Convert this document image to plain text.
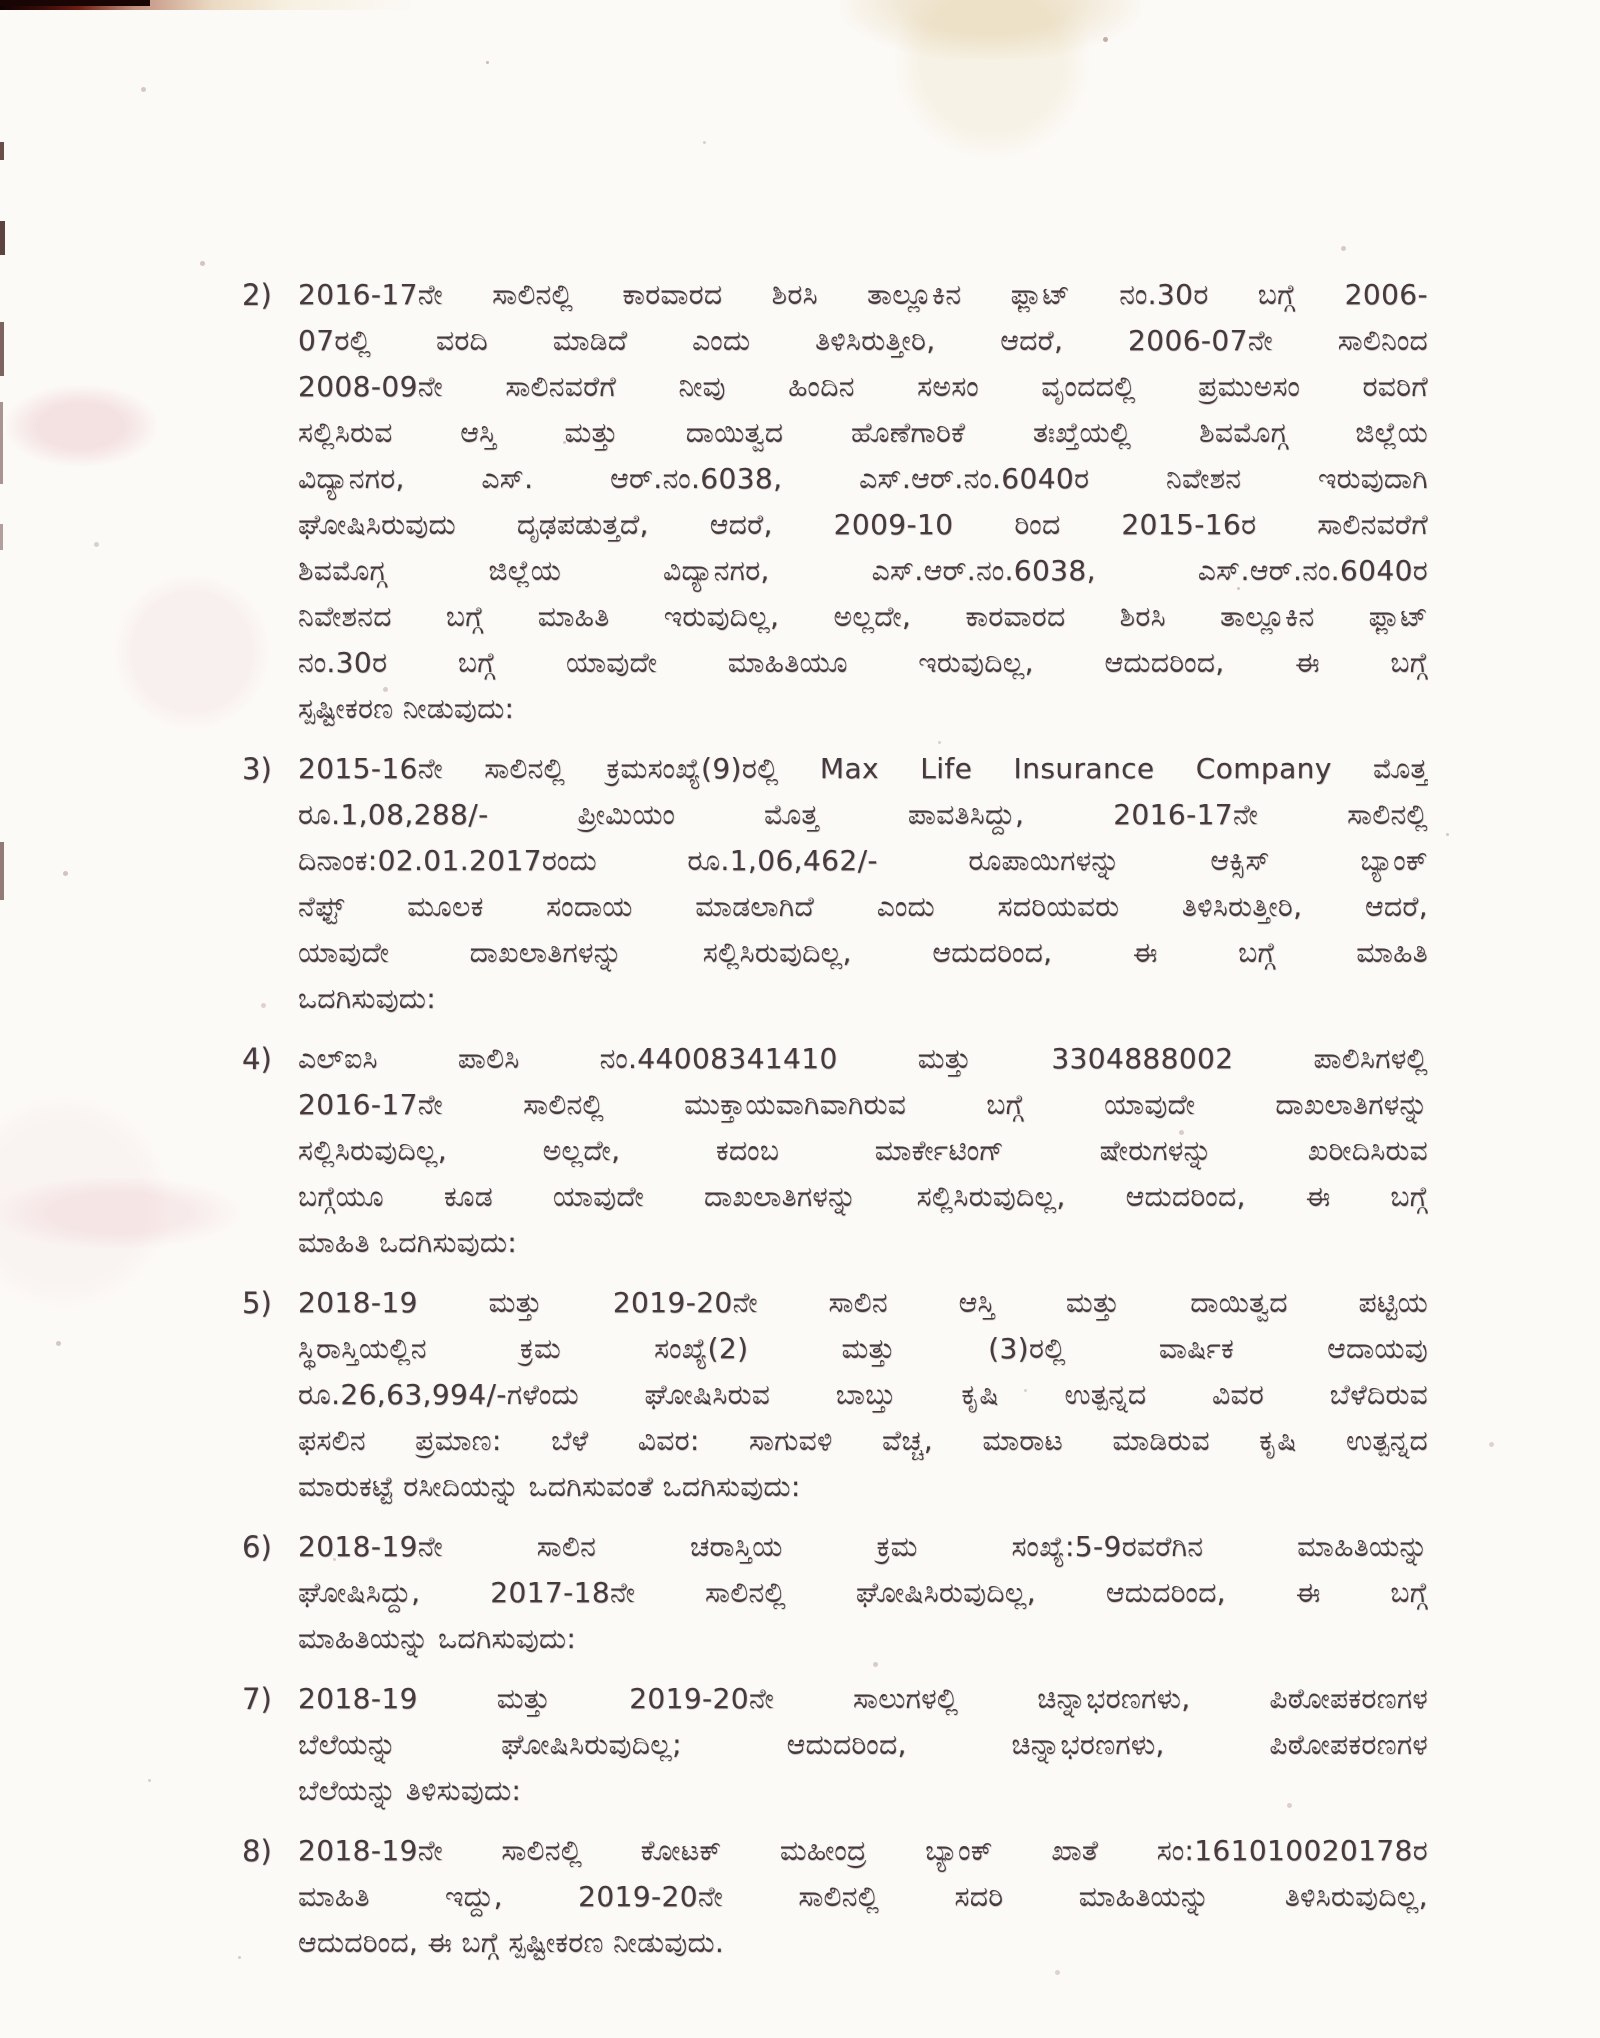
2) 2016-17ನೇ ಸಾಲಿನಲ್ಲಿ ಕಾರವಾರದ ಶಿರಸಿ ತಾಲ್ಲೂಕಿನ ಫ್ಲಾಟ್ ನಂ.30ರ ಬಗ್ಗೆ 2006-
07ರಲ್ಲಿ ವರದಿ ಮಾಡಿದೆ ಎಂದು ತಿಳಿಸಿರುತ್ತೀರಿ, ಆದರೆ, 2006-07ನೇ ಸಾಲಿನಿಂದ
2008-09ನೇ ಸಾಲಿನವರೆಗೆ ನೀವು ಹಿಂದಿನ ಸಅಸಂ ವೃಂದದಲ್ಲಿ ಪ್ರಮುಅಸಂ ರವರಿಗೆ
ಸಲ್ಲಿಸಿರುವ ಆಸ್ತಿ ಮತ್ತು ದಾಯಿತ್ವದ ಹೊಣೆಗಾರಿಕೆ ತಃಖ್ತೆಯಲ್ಲಿ ಶಿವಮೊಗ್ಗ ಜಿಲ್ಲೆಯ
ವಿದ್ಯಾನಗರ, ಎಸ್. ಆರ್.ನಂ.6038, ಎಸ್.ಆರ್.ನಂ.6040ರ ನಿವೇಶನ ಇರುವುದಾಗಿ
ಘೋಷಿಸಿರುವುದು ದೃಢಪಡುತ್ತದೆ, ಆದರೆ, 2009-10 ರಿಂದ 2015-16ರ ಸಾಲಿನವರೆಗೆ
ಶಿವಮೊಗ್ಗ ಜಿಲ್ಲೆಯ ವಿದ್ಯಾನಗರ, ಎಸ್.ಆರ್.ನಂ.6038, ಎಸ್.ಆರ್.ನಂ.6040ರ
ನಿವೇಶನದ ಬಗ್ಗೆ ಮಾಹಿತಿ ಇರುವುದಿಲ್ಲ, ಅಲ್ಲದೇ, ಕಾರವಾರದ ಶಿರಸಿ ತಾಲ್ಲೂಕಿನ ಫ್ಲಾಟ್
ನಂ.30ರ ಬಗ್ಗೆ ಯಾವುದೇ ಮಾಹಿತಿಯೂ ಇರುವುದಿಲ್ಲ, ಆದುದರಿಂದ, ಈ ಬಗ್ಗೆ
ಸ್ಪಷ್ಟೀಕರಣ ನೀಡುವುದು:
3) 2015-16ನೇ ಸಾಲಿನಲ್ಲಿ ಕ್ರಮಸಂಖ್ಯೆ(9)ರಲ್ಲಿ Max Life Insurance Company ಮೊತ್ತ
ರೂ.1,08,288/- ಪ್ರೀಮಿಯಂ ಮೊತ್ತ ಪಾವತಿಸಿದ್ದು, 2016-17ನೇ ಸಾಲಿನಲ್ಲಿ
ದಿನಾಂಕ:02.01.2017ರಂದು ರೂ.1,06,462/- ರೂಪಾಯಿಗಳನ್ನು ಆಕ್ಸಿಸ್ ಬ್ಯಾಂಕ್
ನೆಫ್ಟ್ ಮೂಲಕ ಸಂದಾಯ ಮಾಡಲಾಗಿದೆ ಎಂದು ಸದರಿಯವರು ತಿಳಿಸಿರುತ್ತೀರಿ, ಆದರೆ,
ಯಾವುದೇ ದಾಖಲಾತಿಗಳನ್ನು ಸಲ್ಲಿಸಿರುವುದಿಲ್ಲ, ಆದುದರಿಂದ, ಈ ಬಗ್ಗೆ ಮಾಹಿತಿ
ಒದಗಿಸುವುದು:
4) ಎಲ್ಐಸಿ ಪಾಲಿಸಿ ನಂ.44008341410 ಮತ್ತು 3304888002 ಪಾಲಿಸಿಗಳಲ್ಲಿ
2016-17ನೇ ಸಾಲಿನಲ್ಲಿ ಮುಕ್ತಾಯವಾಗಿವಾಗಿರುವ ಬಗ್ಗೆ ಯಾವುದೇ ದಾಖಲಾತಿಗಳನ್ನು
ಸಲ್ಲಿಸಿರುವುದಿಲ್ಲ, ಅಲ್ಲದೇ, ಕದಂಬ ಮಾರ್ಕೇಟಿಂಗ್ ಷೇರುಗಳನ್ನು ಖರೀದಿಸಿರುವ
ಬಗ್ಗೆಯೂ ಕೂಡ ಯಾವುದೇ ದಾಖಲಾತಿಗಳನ್ನು ಸಲ್ಲಿಸಿರುವುದಿಲ್ಲ, ಆದುದರಿಂದ, ಈ ಬಗ್ಗೆ
ಮಾಹಿತಿ ಒದಗಿಸುವುದು:
5) 2018-19 ಮತ್ತು 2019-20ನೇ ಸಾಲಿನ ಆಸ್ತಿ ಮತ್ತು ದಾಯಿತ್ವದ ಪಟ್ಟಿಯ
ಸ್ಥಿರಾಸ್ತಿಯಲ್ಲಿನ ಕ್ರಮ ಸಂಖ್ಯೆ(2) ಮತ್ತು (3)ರಲ್ಲಿ ವಾರ್ಷಿಕ ಆದಾಯವು
ರೂ.26,63,994/-ಗಳೆಂದು ಘೋಷಿಸಿರುವ ಬಾಬ್ತು ಕೃಷಿ ಉತ್ಪನ್ನದ ವಿವರ ಬೆಳೆದಿರುವ
ಫಸಲಿನ ಪ್ರಮಾಣ: ಬೆಳೆ ವಿವರ: ಸಾಗುವಳಿ ವೆಚ್ಚ, ಮಾರಾಟ ಮಾಡಿರುವ ಕೃಷಿ ಉತ್ಪನ್ನದ
ಮಾರುಕಟ್ಟೆ ರಸೀದಿಯನ್ನು ಒದಗಿಸುವಂತೆ ಒದಗಿಸುವುದು:
6) 2018-19ನೇ ಸಾಲಿನ ಚರಾಸ್ತಿಯ ಕ್ರಮ ಸಂಖ್ಯೆ:5-9ರವರೆಗಿನ ಮಾಹಿತಿಯನ್ನು
ಘೋಷಿಸಿದ್ದು, 2017-18ನೇ ಸಾಲಿನಲ್ಲಿ ಘೋಷಿಸಿರುವುದಿಲ್ಲ, ಆದುದರಿಂದ, ಈ ಬಗ್ಗೆ
ಮಾಹಿತಿಯನ್ನು ಒದಗಿಸುವುದು:
7) 2018-19 ಮತ್ತು 2019-20ನೇ ಸಾಲುಗಳಲ್ಲಿ ಚಿನ್ನಾಭರಣಗಳು, ಪಿಠೋಪಕರಣಗಳ
ಬೆಲೆಯನ್ನು ಘೋಷಿಸಿರುವುದಿಲ್ಲ; ಆದುದರಿಂದ, ಚಿನ್ನಾಭರಣಗಳು, ಪಿಠೋಪಕರಣಗಳ
ಬೆಲೆಯನ್ನು ತಿಳಿಸುವುದು:
8) 2018-19ನೇ ಸಾಲಿನಲ್ಲಿ ಕೋಟಕ್ ಮಹೀಂದ್ರ ಬ್ಯಾಂಕ್ ಖಾತೆ ಸಂ:161010020178ರ
ಮಾಹಿತಿ ಇದ್ದು, 2019-20ನೇ ಸಾಲಿನಲ್ಲಿ ಸದರಿ ಮಾಹಿತಿಯನ್ನು ತಿಳಿಸಿರುವುದಿಲ್ಲ,
ಆದುದರಿಂದ, ಈ ಬಗ್ಗೆ ಸ್ಪಷ್ಟೀಕರಣ ನೀಡುವುದು.
